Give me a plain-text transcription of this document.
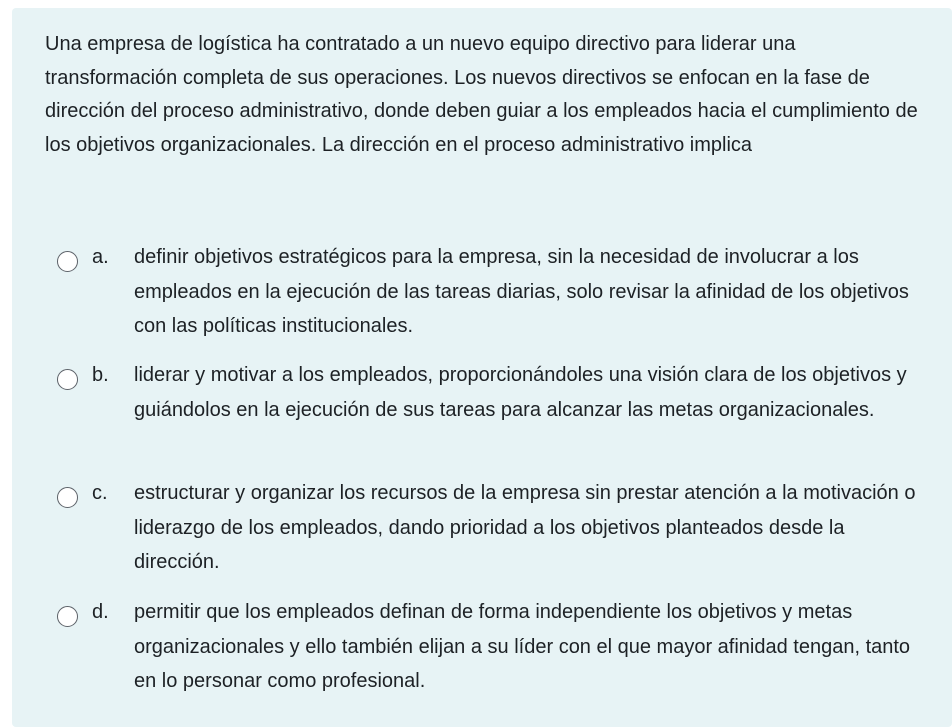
Una empresa de logística ha contratado a un nuevo equipo directivo para liderar una transformación completa de sus operaciones. Los nuevos directivos se enfocan en la fase de dirección del proceso administrativo, donde deben guiar a los empleados hacia el cumplimiento de los objetivos organizacionales. La dirección en el proceso administrativo implica

a. definir objetivos estratégicos para la empresa, sin la necesidad de involucrar a los empleados en la ejecución de las tareas diarias, solo revisar la afinidad de los objetivos con las políticas institucionales.

b. liderar y motivar a los empleados, proporcionándoles una visión clara de los objetivos y guiándolos en la ejecución de sus tareas para alcanzar las metas organizacionales.

c. estructurar y organizar los recursos de la empresa sin prestar atención a la motivación o liderazgo de los empleados, dando prioridad a los objetivos planteados desde la dirección.

d. permitir que los empleados definan de forma independiente los objetivos y metas organizacionales y ello también elijan a su líder con el que mayor afinidad tengan, tanto en lo personar como profesional.
